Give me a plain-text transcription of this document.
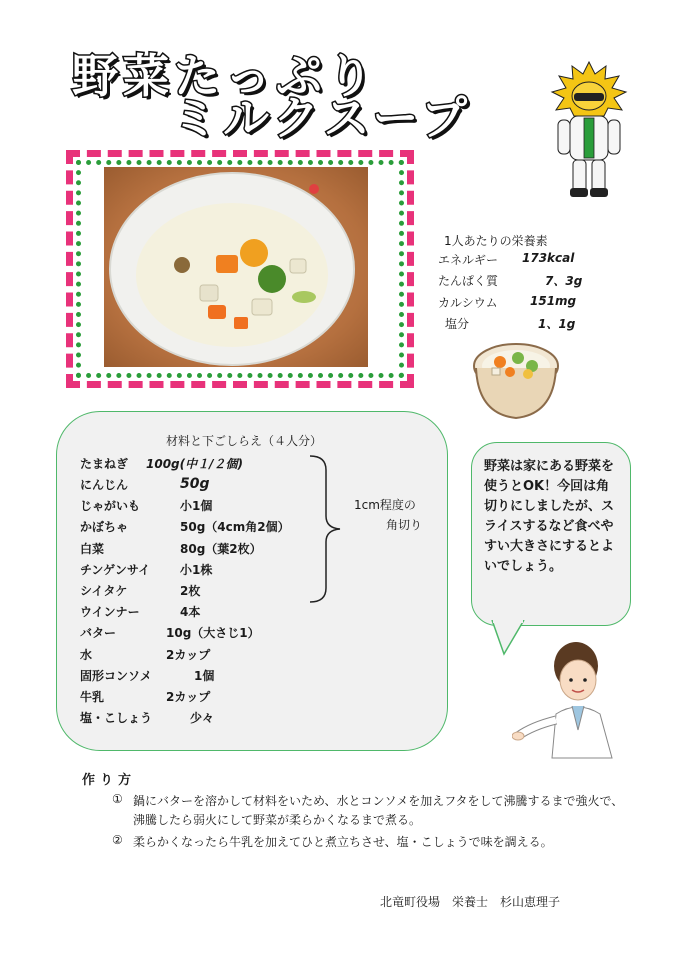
野菜たっぷり
ミルクスープ
1人あたりの栄養素
エネルギー 173kcal
たんぱく質	7、3g
カルシウム	151mg
塩分	1、1g
材料と下ごしらえ（４人分）
たまねぎ 100g(中１/２個)
にんじん	50g
じゃがいも	小1個
かぼちゃ	50g（4cm角2個）
白菜	80g（葉2枚）
チンゲンサイ 小1株
シイタケ	2枚
ウインナー	4本
バター	10g（大さじ1）
水	2カップ
固形コンソメ	1個
牛乳	2カップ
塩・こしょう	少々
1cm程度の
角切り
野菜は家にある野菜を使うとOK！今回は角切りにしましたが、スライスするなど食べやすい大きさにするとよいでしょう。
作り方
① 鍋にバターを溶かして材料をいため、水とコンソメを加えフタをして沸騰するまで強火で、
沸騰したら弱火にして野菜が柔らかくなるまで煮る。
② 柔らかくなったら牛乳を加えてひと煮立ちさせ、塩・こしょうで味を調える。
北竜町役場　栄養士　杉山恵理子
